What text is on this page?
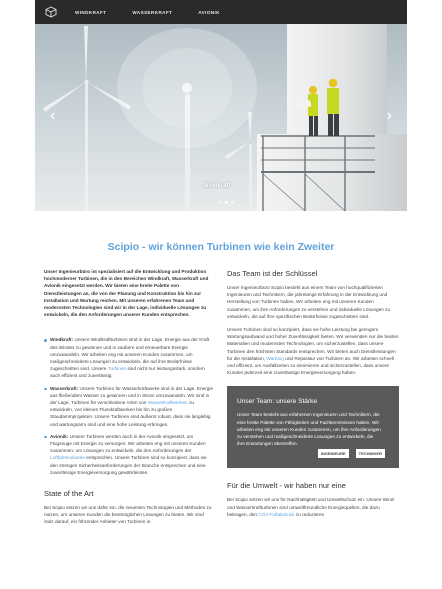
WINDKRAFT	WASSERKRAFT	AVIONIK
‹	›
Windkraft
Scipio - wir können Turbinen wie kein Zweiter

Unser Ingenieurbüro ist spezialisiert auf die Entwicklung und Produktion hochmoderner Turbinen, die in den Bereichen Windkraft, Wasserkraft und Avionik eingesetzt werden. Wir bieten eine breite Palette von Dienstleistungen an, die von der Planung und Konstruktion bis hin zur Installation und Wartung reichen. Mit unseren erfahrenen Team und modernsten Technologien sind wir in der Lage, individuelle Lösungen zu entwickeln, die den Anforderungen unserer Kunden entsprechen.

Windkraft: Unsere Windkraftturbinen sind in der Lage, Energie aus der Kraft des Windes zu gewinnen und in saubere und erneuerbare Energie umzuwandeln. Wir arbeiten eng mit unseren Kunden zusammen, um maßgeschneiderte Lösungen zu entwickeln, die auf ihre Bedürfnisse zugeschnitten sind. Unsere Turbinen sind nicht nur leistungsstark, sondern auch effizient und zuverlässig.
Wasserkraft: Unsere Turbinen für Wasserkraftwerke sind in der Lage, Energie aus fließendem Wasser zu gewinnen und in Strom umzuwandeln. Wir sind in der Lage, Turbinen für verschiedene Arten von Wasserkraftwerken zu entwickeln, von kleinen Flusskraftwerken bis hin zu großen Staudammprojekten. Unsere Turbinen sind äußerst robust, dass sie langlebig und wartungsarm sind und eine hohe Leistung erbringen.
Avionik: Unsere Turbinen werden auch in der Avionik eingesetzt, um Flugzeuge mit Energie zu versorgen. Wir arbeiten eng mit unseren Kunden zusammen, um Lösungen zu entwickeln, die den Anforderungen der Luftfahrtindustrie entsprechen. Unsere Turbinen sind so konzipiert, dass sie den strengen Sicherheitsanforderungen der Branche entsprechen und eine zuverlässige Energieversorgung gewährleisten.
State of the Art

Bei Scipio setzen wir uns dafür ein, die neuesten Technologien und Methoden zu nutzen, um unseren Kunden die bestmöglichen Lösungen zu bieten. Wir sind stolz darauf, ein führender Anbieter von Turbinen in

Das Team ist der Schlüssel

Unser Ingenieurbüro Scipio besteht aus einem Team von hochqualifizierten Ingenieuren und Technikern, die jahrelange Erfahrung in der Entwicklung und Herstellung von Turbinen haben. Wir arbeiten eng mit unseren Kunden zusammen, um ihre Anforderungen zu verstehen und individuelle Lösungen zu entwickeln, die auf ihre spezifischen Bedürfnisse zugeschnitten sind.

Unsere Turbinen sind so konzipiert, dass sie hohe Leistung bei geringem Wartungsaufwand und hoher Zuverlässigkeit bieten. Wir verwenden nur die besten Materialien und modernsten Technologien, um sicherzustellen, dass unsere Turbinen den höchsten Standards entsprechen. Wir bieten auch Dienstleistungen für die Installation, Wartung und Reparatur von Turbinen an. Wir arbeiten schnell und effizient, um Ausfallzeiten zu minimieren und sicherzustellen, dass unsere Kunden jederzeit eine zuverlässige Energieversorgung haben.

Unser Team: unsere Stärke

Unser Team besteht aus erfahrenen Ingenieuren und Technikern, die eine breite Palette von Fähigkeiten und Fachkenntnissen haben. Wir arbeiten eng mit unseren Kunden zusammen, um ihre Anforderungen zu verstehen und maßgeschneiderte Lösungen zu entwickeln, die ihre Erwartungen übertreffen.

INGENIEURE	TECHNIKER
Für die Umwelt - wir haben nur eine

Bei Scipio setzen wir uns für Nachhaltigkeit und Umweltschutz ein. Unsere Wind- und Wasserkraftturbinen sind umweltfreundliche Energiequellen, die dazu beitragen, den CO2-Fußabdruck zu reduzieren
